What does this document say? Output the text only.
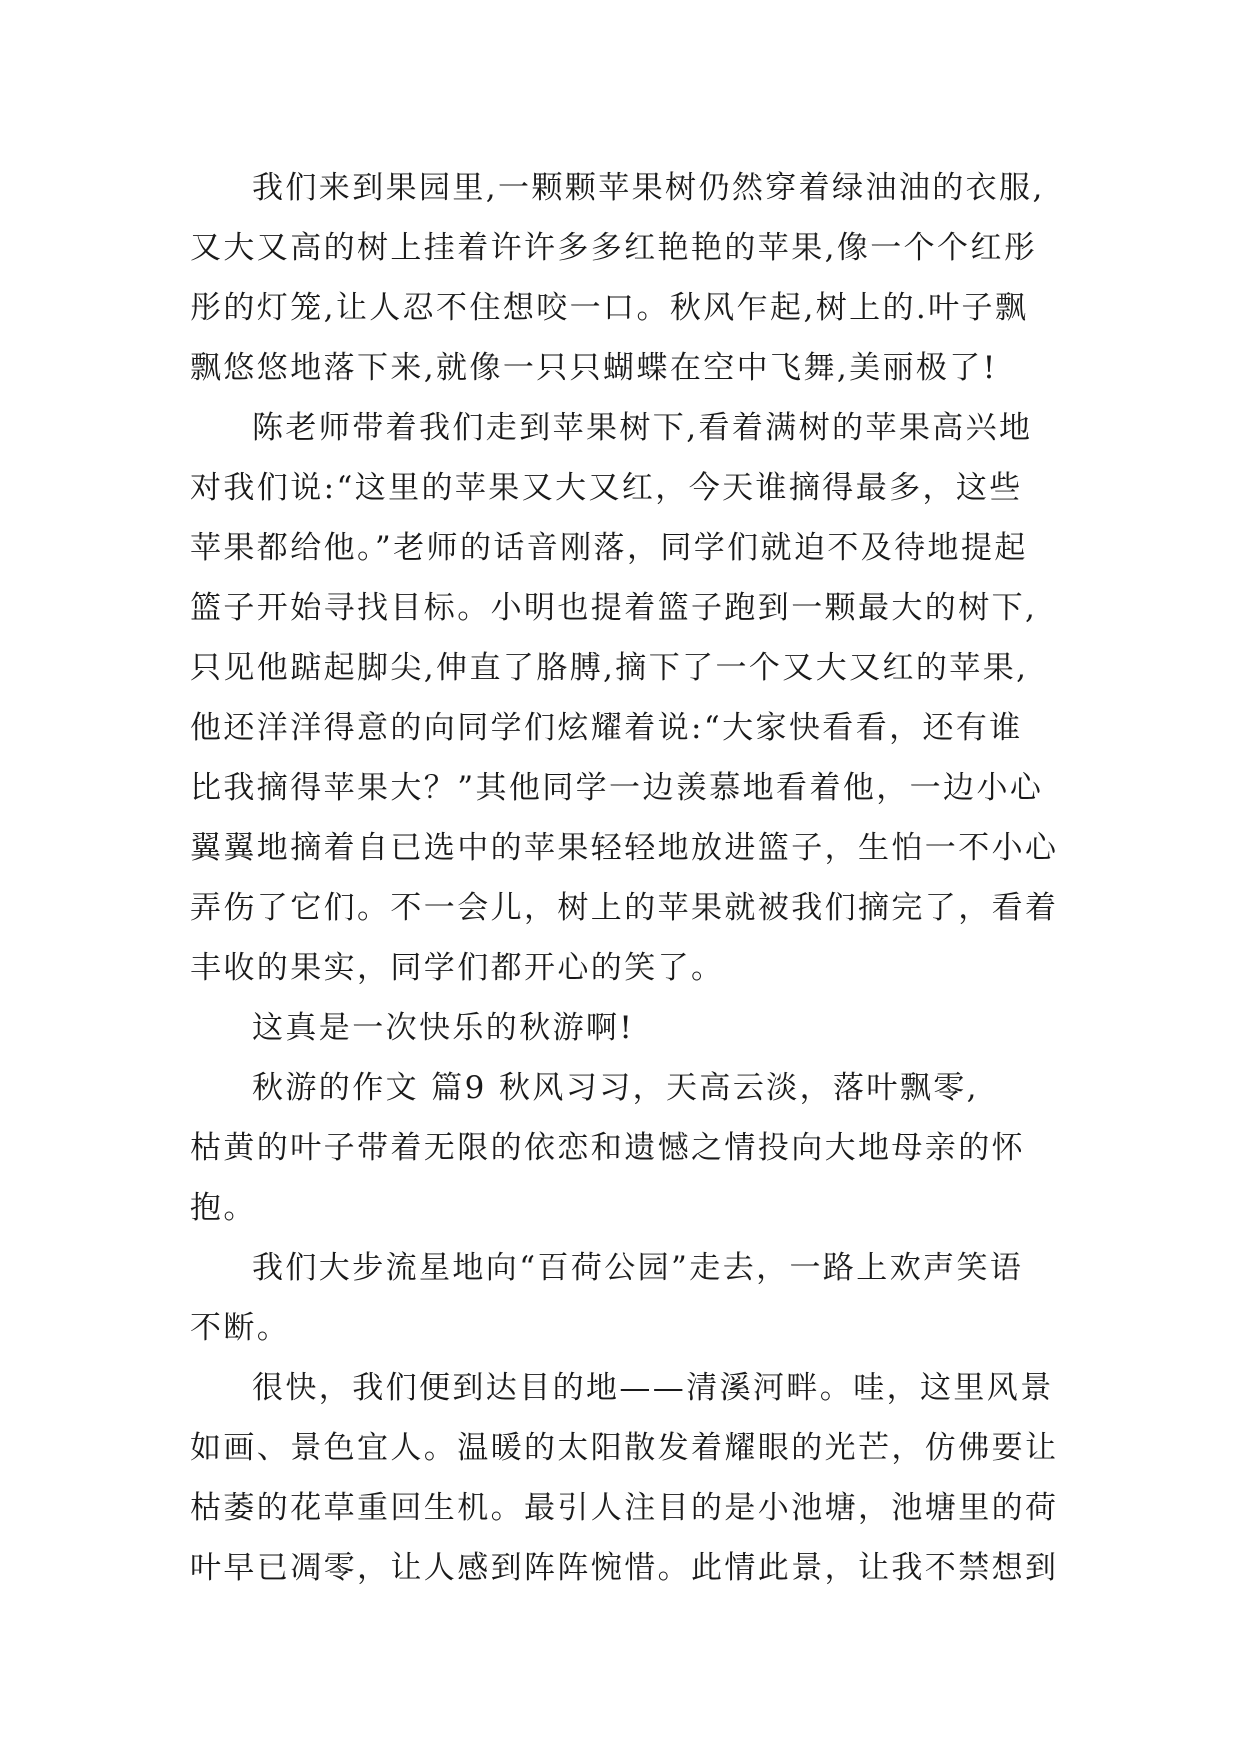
我们来到果园里,一颗颗苹果树仍然穿着绿油油的衣服,
又大又高的树上挂着许许多多红艳艳的苹果,像一个个红彤
彤的灯笼,让人忍不住想咬一口。秋风乍起,树上的.叶子飘
飘悠悠地落下来,就像一只只蝴蝶在空中飞舞,美丽极了!
陈老师带着我们走到苹果树下,看着满树的苹果高兴地
对我们说:“这里的苹果又大又红，今天谁摘得最多，这些
苹果都给他。”老师的话音刚落，同学们就迫不及待地提起
篮子开始寻找目标。小明也提着篮子跑到一颗最大的树下,
只见他踮起脚尖,伸直了胳膊,摘下了一个又大又红的苹果,
他还洋洋得意的向同学们炫耀着说:“大家快看看，还有谁
比我摘得苹果大？”其他同学一边羡慕地看着他，一边小心
翼翼地摘着自已选中的苹果轻轻地放进篮子，生怕一不小心
弄伤了它们。不一会儿，树上的苹果就被我们摘完了，看着
丰收的果实，同学们都开心的笑了。
这真是一次快乐的秋游啊!
秋游的作文 篇9 秋风习习，天高云淡，落叶飘零,
枯黄的叶子带着无限的依恋和遗憾之情投向大地母亲的怀
抱。
我们大步流星地向“百荷公园”走去，一路上欢声笑语
不断。
很快，我们便到达目的地——清溪河畔。哇，这里风景
如画、景色宜人。温暖的太阳散发着耀眼的光芒，仿佛要让
枯萎的花草重回生机。最引人注目的是小池塘，池塘里的荷
叶早已凋零，让人感到阵阵惋惜。此情此景，让我不禁想到
